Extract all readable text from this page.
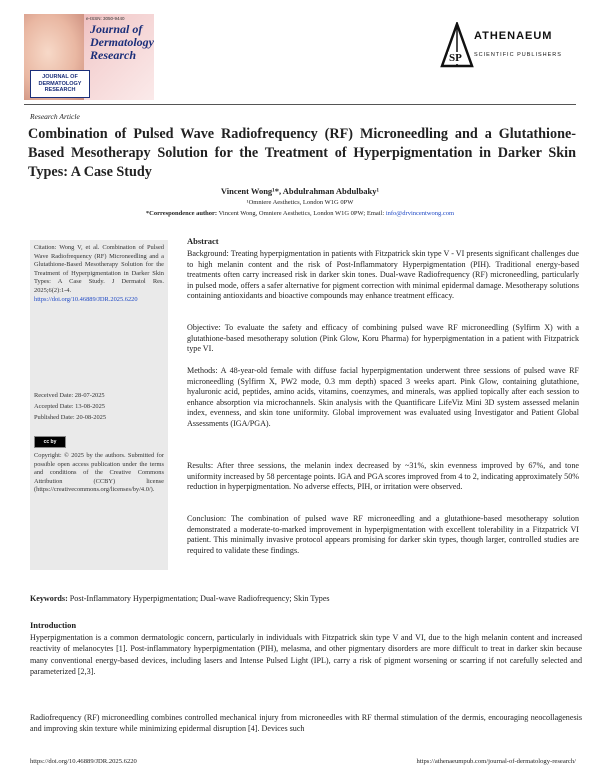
e-ISSN: 3050-9440
Journal of
Dermatology
Research
JOURNAL OF DERMATOLOGY RESEARCH
SP
ATHENAEUM
SCIENTIFIC PUBLISHERS
Research Article
Combination of Pulsed Wave Radiofrequency (RF) Microneedling and a Glutathione-Based Mesotherapy Solution for the Treatment of Hyperpigmentation in Darker Skin Types: A Case Study
Vincent Wong¹*, Abdulrahman Abdulbaky¹
¹Omniere Aesthetics, London W1G 0PW
*Correspondence author: Vincent Wong, Omniere Aesthetics, London W1G 0PW; Email: info@drvincentwong.com
Citation: Wong V, et al. Combination of Pulsed Wave Radiofrequency (RF) Microneedling and a Glutathione-Based Mesotherapy Solution for the Treatment of Hyperpigmentation in Darker Skin Types: A Case Study. J Dermatol Res. 2025;6(2):1-4.
https://doi.org/10.46889/JDR.2025.6220
Received Date: 28-07-2025
Accepted Date: 13-08-2025
Published Date: 20-08-2025
cc by
Copyright: © 2025 by the authors. Submitted for possible open access publication under the terms and conditions of the Creative Commons Attribution (CCBY) license (https://creativecommons.org/licenses/by/4.0/).
Abstract
Background: Treating hyperpigmentation in patients with Fitzpatrick skin type V - VI presents significant challenges due to high melanin content and the risk of Post-Inflammatory Hyperpigmentation (PIH). Traditional energy-based treatments often carry increased risk in darker skin tones. Dual-wave Radiofrequency (RF) microneedling, particularly in pulsed mode, offers a safer alternative for pigment correction with minimal epidermal damage. Mesotherapy solutions containing antioxidants and bioactive compounds may enhance treatment efficacy.
Objective: To evaluate the safety and efficacy of combining pulsed wave RF microneedling (Sylfirm X) with a glutathione-based mesotherapy solution (Pink Glow, Koru Pharma) for hyperpigmentation in a patient with Fitzpatrick type VI.
Methods: A 48-year-old female with diffuse facial hyperpigmentation underwent three sessions of pulsed wave RF microneedling (Sylfirm X, PW2 mode, 0.3 mm depth) spaced 3 weeks apart. Pink Glow, containing glutathione, hyaluronic acid, peptides, amino acids, vitamins, coenzymes, and minerals, was applied topically after each session to enhance absorption via microchannels. Skin analysis with the Quantificare LifeViz Mini 3D system assessed melanin index, evenness, and skin tone uniformity. Global improvement was evaluated using Investigator and Patient Global Assessments (IGA/PGA).
Results: After three sessions, the melanin index decreased by ~31%, skin evenness improved by 67%, and tone uniformity increased by 58 percentage points. IGA and PGA scores improved from 4 to 2, indicating approximately 50% reduction in hyperpigmentation. No adverse effects, PIH, or irritation were observed.
Conclusion: The combination of pulsed wave RF microneedling and a glutathione-based mesotherapy solution demonstrated a moderate-to-marked improvement in hyperpigmentation with excellent tolerability in a Fitzpatrick VI patient. This minimally invasive protocol appears promising for darker skin types, though larger, controlled studies are required to validate these findings.
Keywords: Post-Inflammatory Hyperpigmentation; Dual-wave Radiofrequency; Skin Types
Introduction
Hyperpigmentation is a common dermatologic concern, particularly in individuals with Fitzpatrick skin type V and VI, due to the high melanin content and increased reactivity of melanocytes [1]. Post-inflammatory hyperpigmentation (PIH), melasma, and other pigmentary disorders are more difficult to treat in darker skin because many conventional energy-based devices, including lasers and Intense Pulsed Light (IPL), carry a risk of pigment worsening or scarring if not carefully selected and parameterized [2,3].
Radiofrequency (RF) microneedling combines controlled mechanical injury from microneedles with RF thermal stimulation of the dermis, encouraging neocollagenesis and improving skin texture while minimizing epidermal disruption [4]. Devices such
https://doi.org/10.46889/JDR.2025.6220	https://athenaeumpub.com/journal-of-dermatology-research/
